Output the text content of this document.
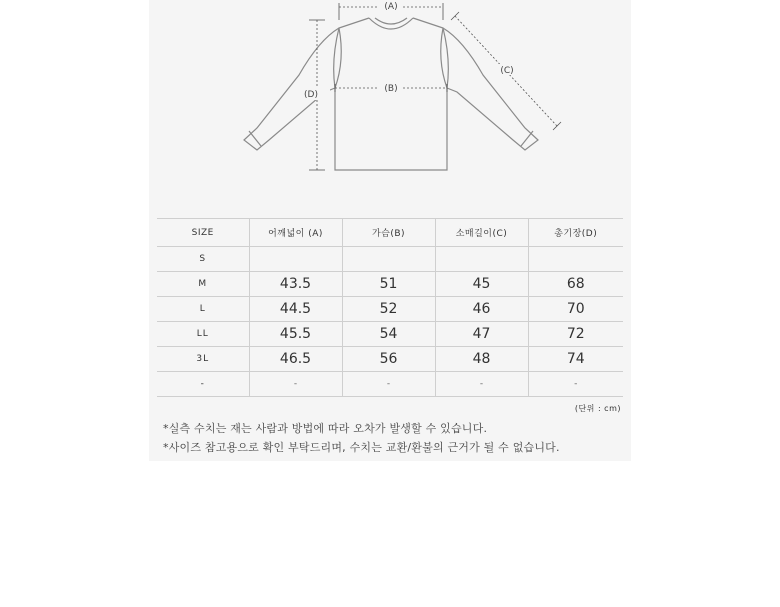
(A)
(B)
(C)
(D)
SIZE	어깨넓이 (A)	가슴(B)	소매길이(C)	총기장(D)
S				
M	43.5	51	45	68
L	44.5	52	46	70
LL	45.5	54	47	72
3L	46.5	56	48	74
-	-	-	-	-
(단위 : cm)
*실측 수치는 재는 사람과 방법에 따라 오차가 발생할 수 있습니다.
*사이즈 참고용으로 확인 부탁드리며, 수치는 교환/환불의 근거가 될 수 없습니다.
